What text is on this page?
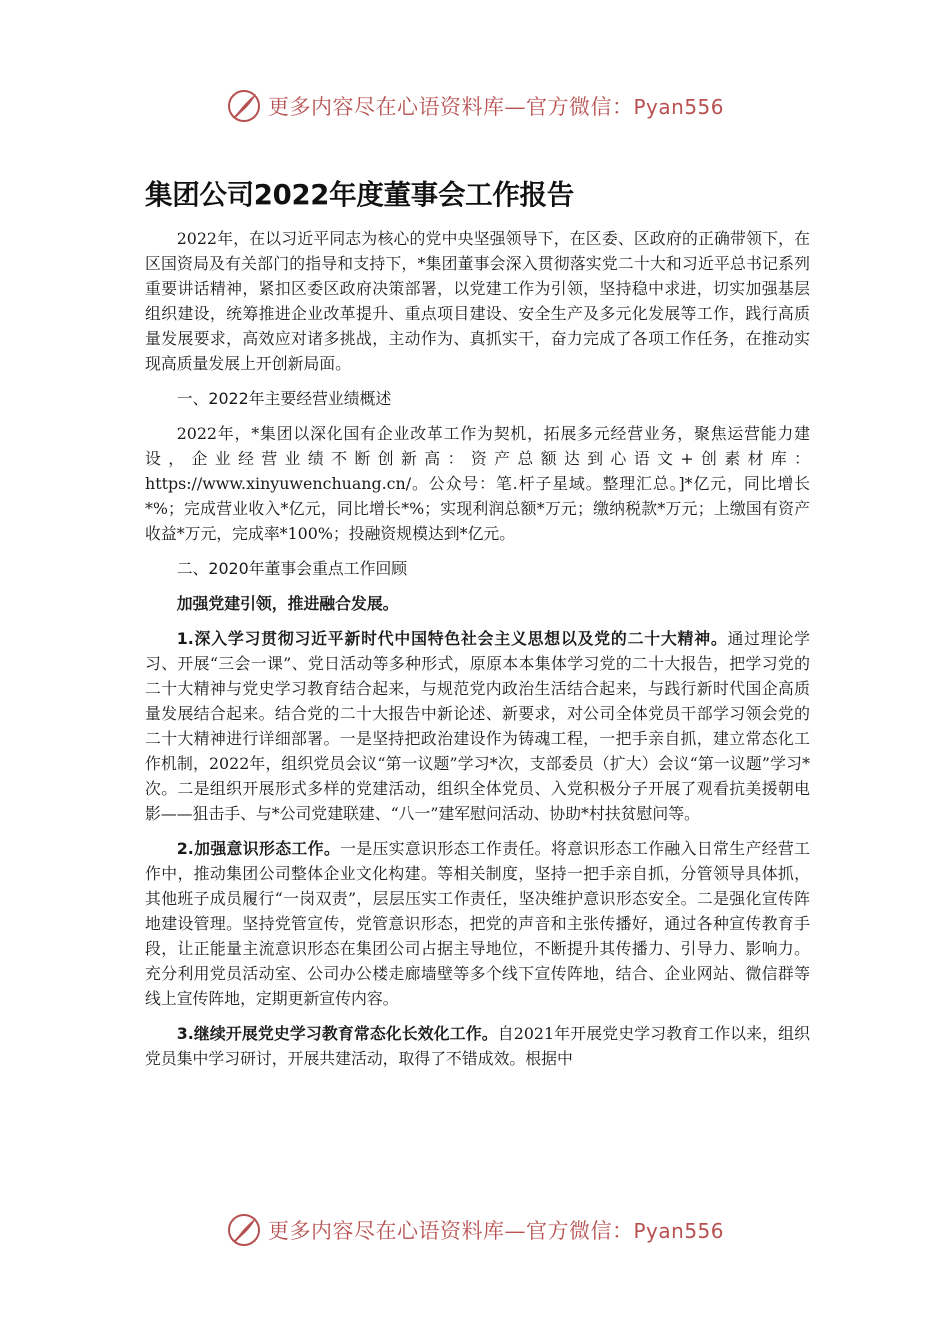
更多内容尽在心语资料库—官方微信：Pyan556
集团公司2022年度董事会工作报告

2022年，在以习近平同志为核心的党中央坚强领导下，在区委、区政府的正确带领下，在区国资局及有关部门的指导和支持下，*集团董事会深入贯彻落实党二十大和习近平总书记系列重要讲话精神，紧扣区委区政府决策部署，以党建工作为引领，坚持稳中求进，切实加强基层组织建设，统筹推进企业改革提升、重点项目建设、安全生产及多元化发展等工作，践行高质量发展要求，高效应对诸多挑战，主动作为、真抓实干，奋力完成了各项工作任务，在推动实现高质量发展上开创新局面。

一、2022年主要经营业绩概述

2022年，*集团以深化国有企业改革工作为契机，拓展多元经营业务，聚焦运营能力建设，企业经营业绩不断创新高：资产总额达到心语文+创素材库：https://www.xinyuwenchuang.cn/。公众号：笔.杆子星域。整理汇总。]*亿元，同比增长*%；完成营业收入*亿元，同比增长*%；实现利润总额*万元；缴纳税款*万元；上缴国有资产收益*万元，完成率*100%；投融资规模达到*亿元。

二、2020年董事会重点工作回顾

加强党建引领，推进融合发展。

1.深入学习贯彻习近平新时代中国特色社会主义思想以及党的二十大精神。通过理论学习、开展“三会一课”、党日活动等多种形式，原原本本集体学习党的二十大报告，把学习党的二十大精神与党史学习教育结合起来，与规范党内政治生活结合起来，与践行新时代国企高质量发展结合起来。结合党的二十大报告中新论述、新要求，对公司全体党员干部学习领会党的二十大精神进行详细部署。一是坚持把政治建设作为铸魂工程，一把手亲自抓，建立常态化工作机制，2022年，组织党员会议“第一议题”学习*次，支部委员（扩大）会议“第一议题”学习*次。二是组织开展形式多样的党建活动，组织全体党员、入党积极分子开展了观看抗美援朝电影——狙击手、与*公司党建联建、“八一”建军慰问活动、协助*村扶贫慰问等。

2.加强意识形态工作。一是压实意识形态工作责任。将意识形态工作融入日常生产经营工作中，推动集团公司整体企业文化构建。等相关制度，坚持一把手亲自抓，分管领导具体抓，其他班子成员履行“一岗双责”，层层压实工作责任，坚决维护意识形态安全。二是强化宣传阵地建设管理。坚持党管宣传，党管意识形态，把党的声音和主张传播好，通过各种宣传教育手段，让正能量主流意识形态在集团公司占据主导地位，不断提升其传播力、引导力、影响力。充分利用党员活动室、公司办公楼走廊墙壁等多个线下宣传阵地，结合、企业网站、微信群等线上宣传阵地，定期更新宣传内容。

3.继续开展党史学习教育常态化长效化工作。自2021年开展党史学习教育工作以来，组织党员集中学习研讨，开展共建活动，取得了不错成效。根据中

更多内容尽在心语资料库—官方微信：Pyan556
